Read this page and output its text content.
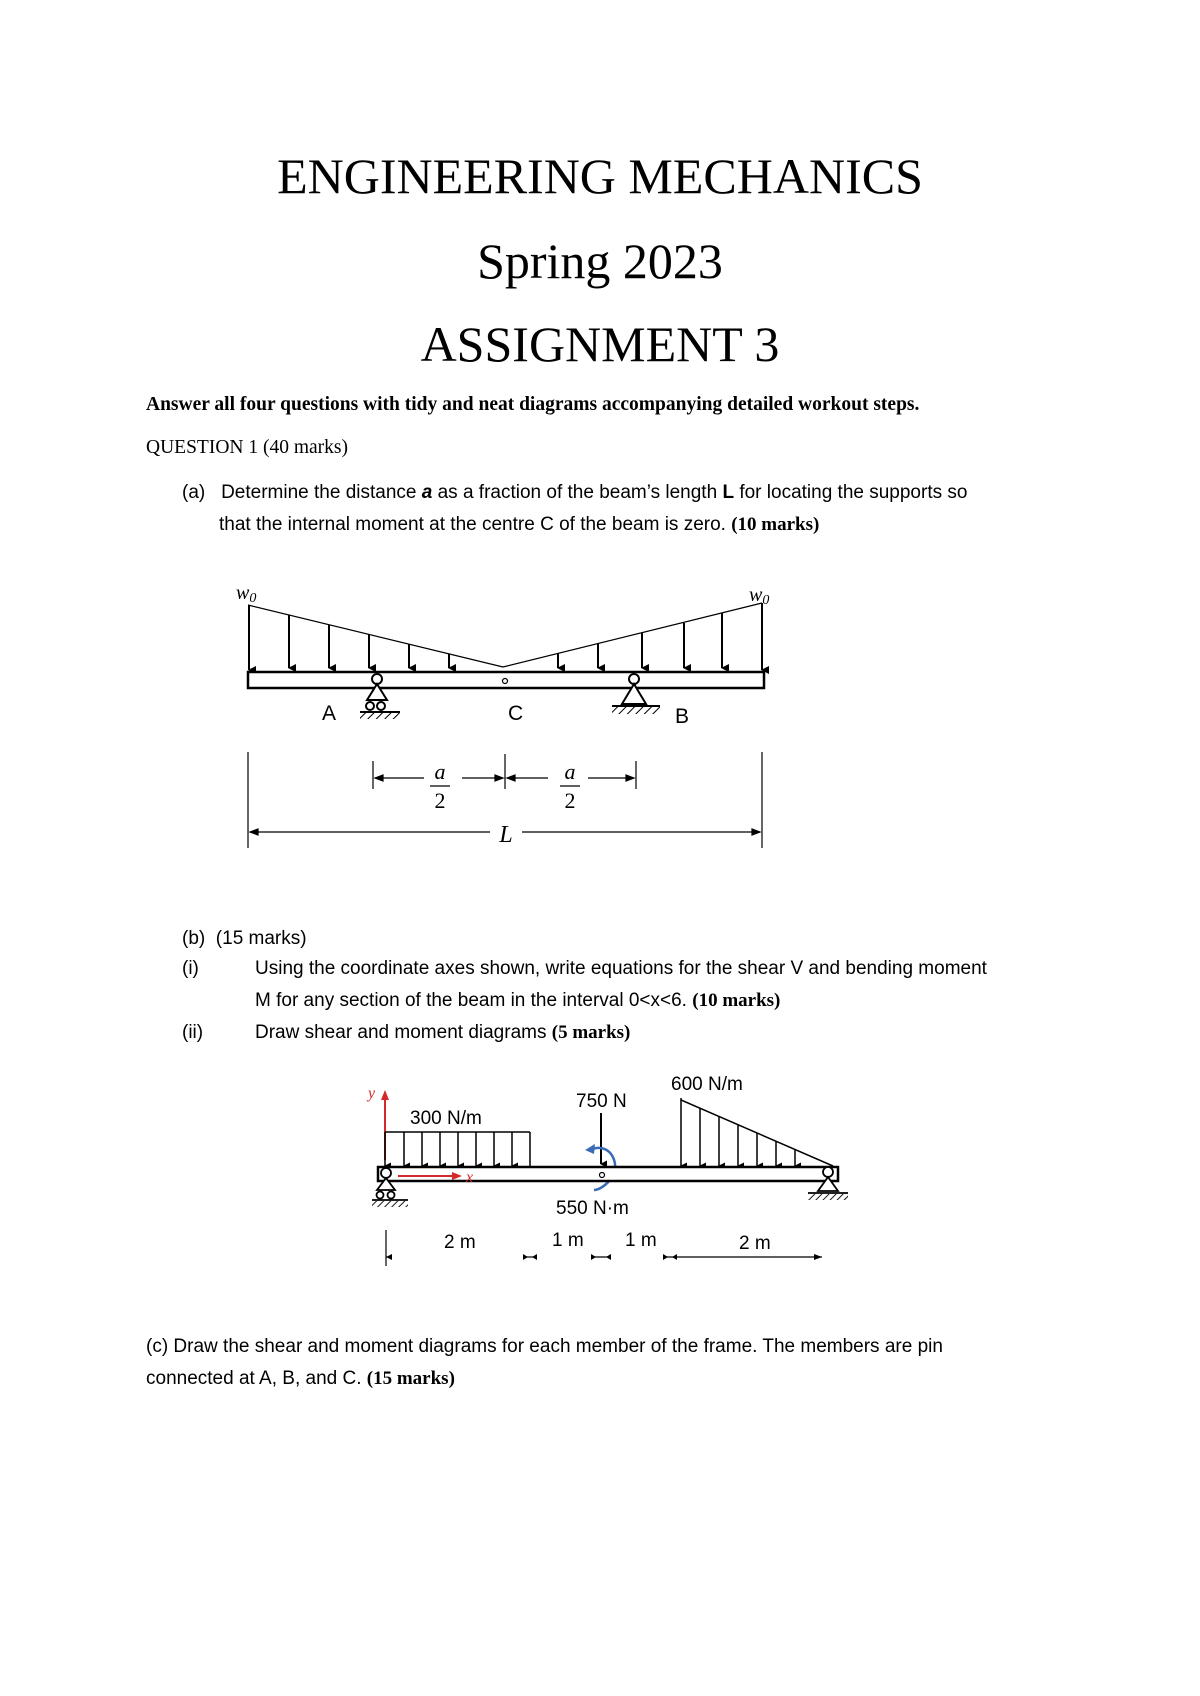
ENGINEERING MECHANICS
Spring 2023
ASSIGNMENT 3
Answer all four questions with tidy and neat diagrams accompanying detailed workout steps.
QUESTION 1 (40 marks)
(a) Determine the distance a as a fraction of the beam’s length L for locating the supports so
that the internal moment at the centre C of the beam is zero. (10 marks)
w0	w0
A	C	B
a
2
a
2
L
(b) (15 marks)
(i)	Using the coordinate axes shown, write equations for the shear V and bending moment
M for any section of the beam in the interval 0<x<6. (10 marks)
(ii)	Draw shear and moment diagrams (5 marks)
y
300 N/m
750 N
550 N·m
600 N/m
x
2 m	1 m 1 m	2 m
(c) Draw the shear and moment diagrams for each member of the frame. The members are pin
connected at A, B, and C. (15 marks)
